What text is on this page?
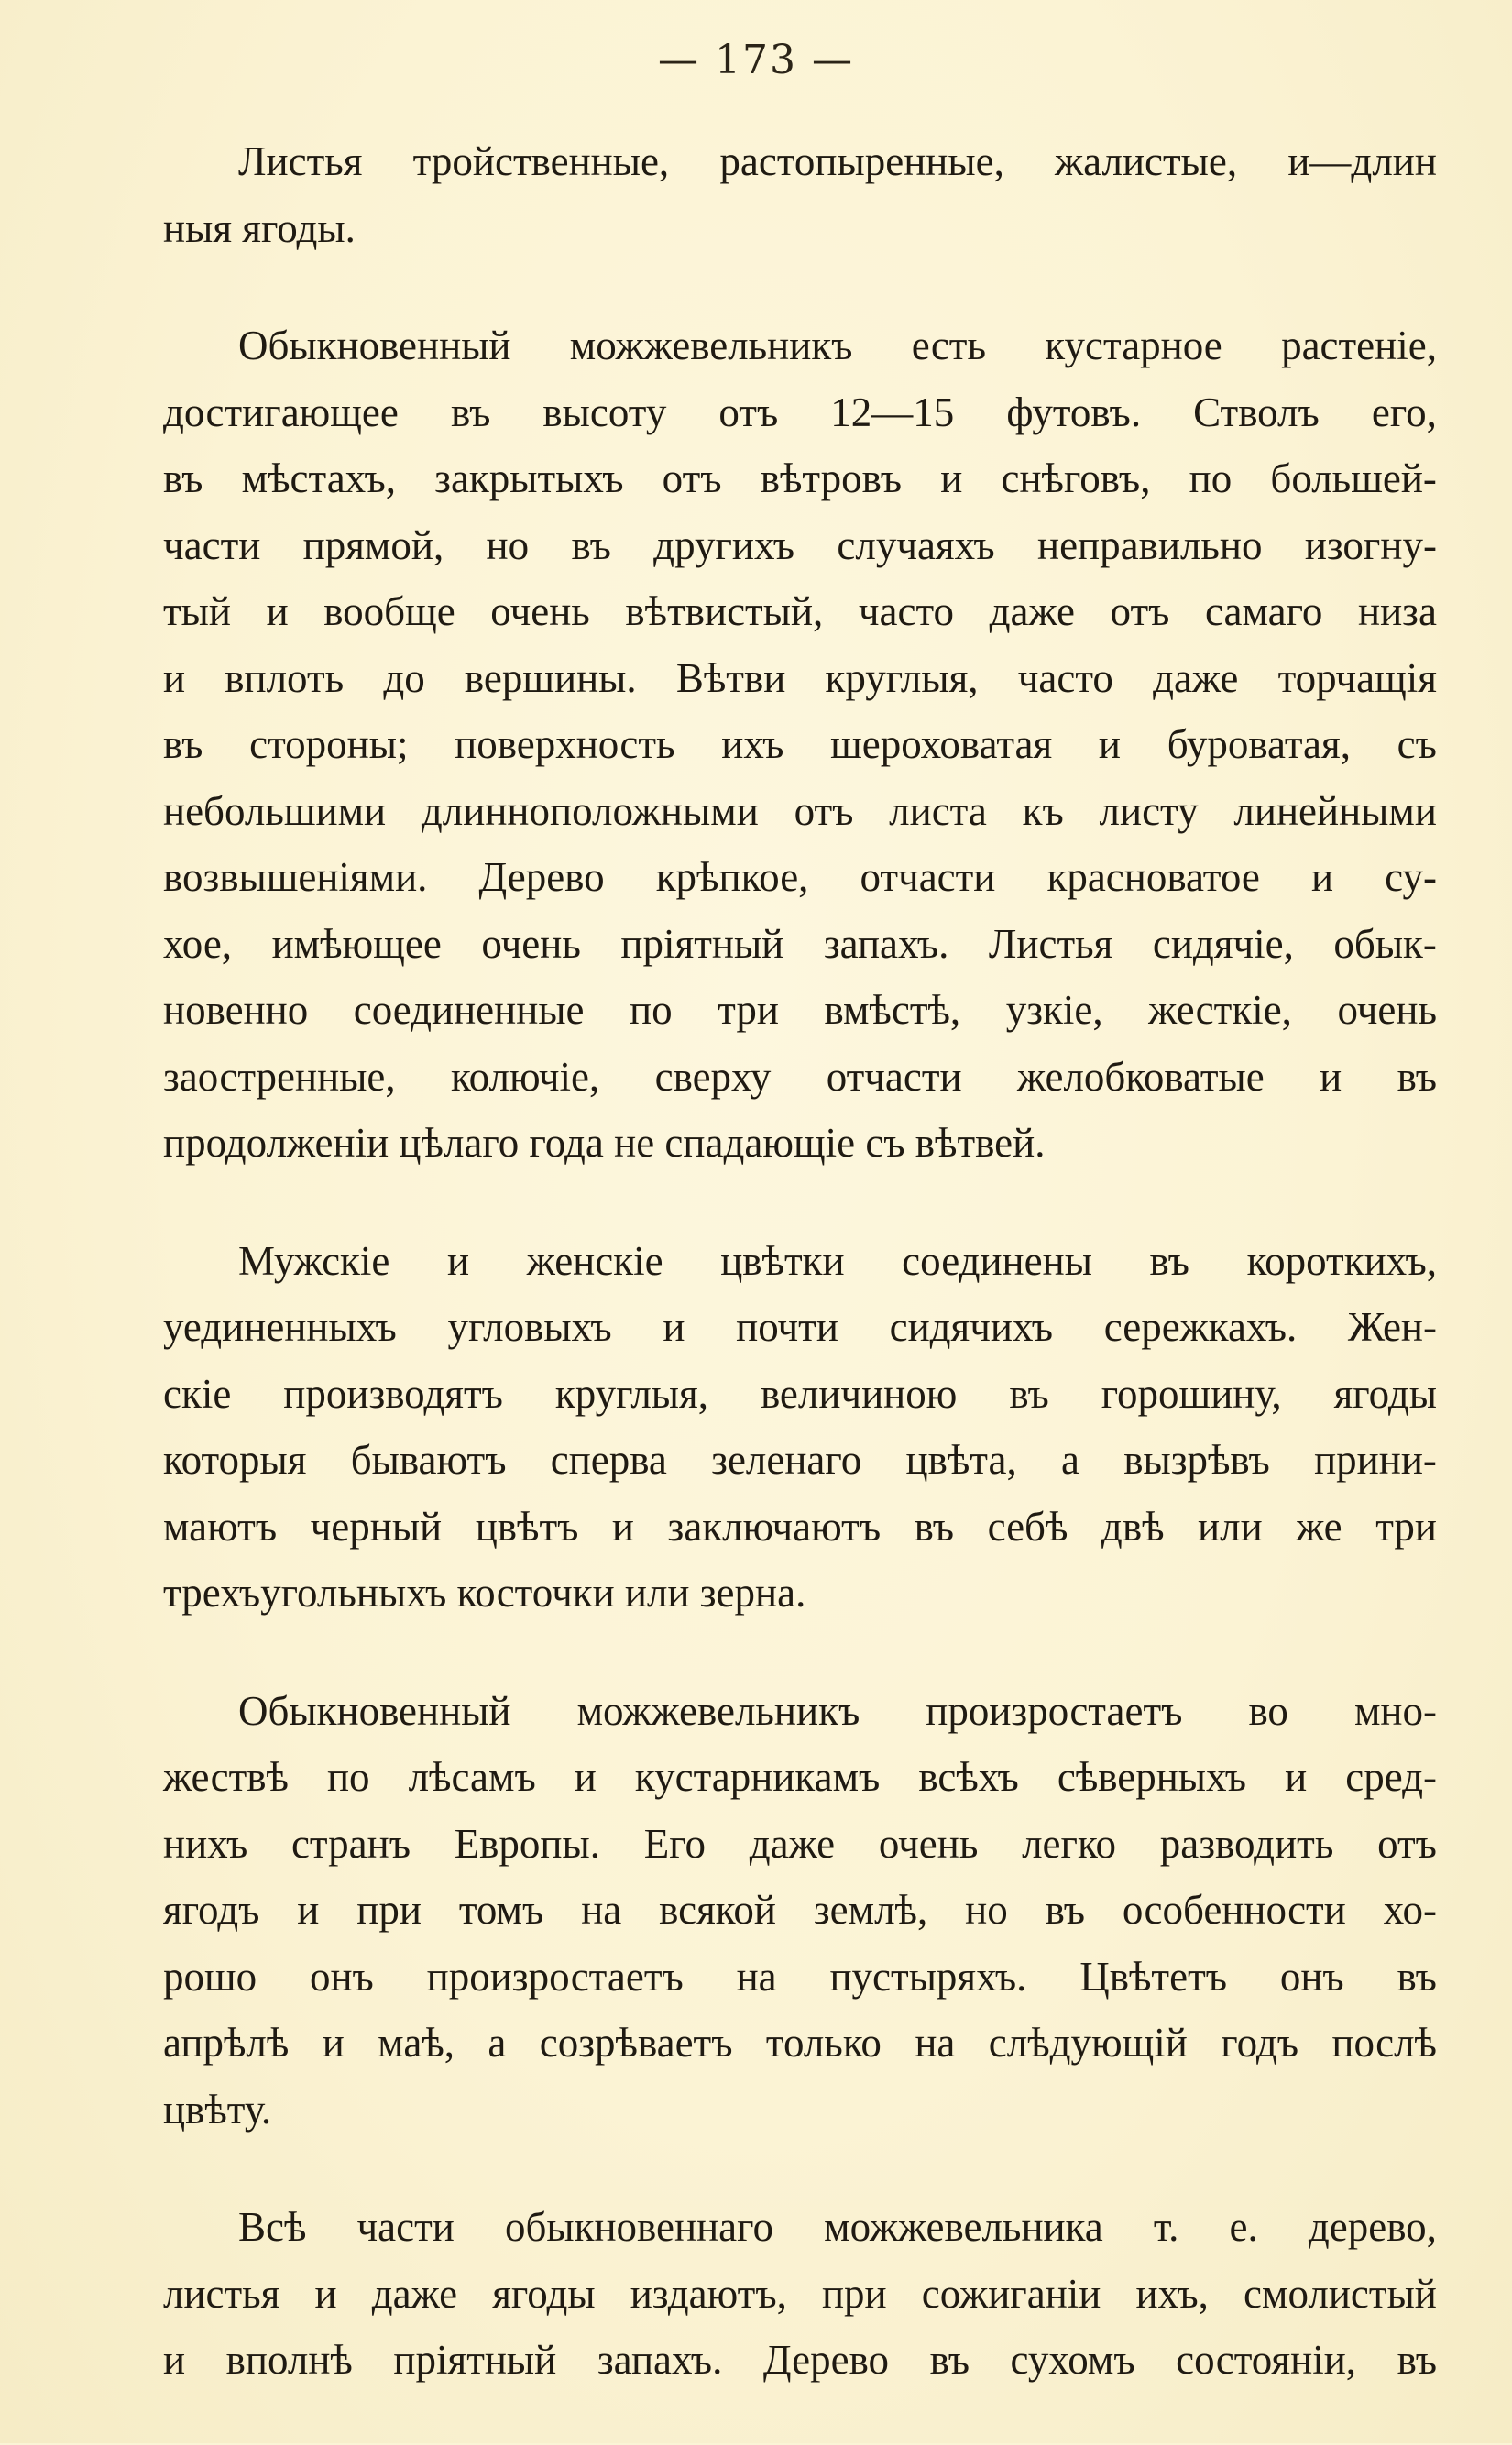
— 173 —
Листья тройственные, растопыренные, жалистые, и—длин
ныя ягоды.
Обыкновенный можжевельникъ есть кустарное растенiе,
достигающее въ высоту отъ 12—15 футовъ. Стволъ его,
въ мѣстахъ, закрытыхъ отъ вѣтровъ и снѣговъ, по большей-
части прямой, но въ другихъ случаяхъ неправильно изогну-
тый и вообще очень вѣтвистый, часто даже отъ самаго низа
и вплоть до вершины. Вѣтви круглыя, часто даже торчащiя
въ стороны; поверхность ихъ шероховатая и буроватая, съ
небольшими длиннoположными отъ листа къ листу линейными
возвышенiями. Дерево крѣпкое, отчасти красноватое и су-
хое, имѣющее очень прiятный запахъ. Листья сидячiе, обык-
новенно соединенные по три вмѣстѣ, узкiе, жесткiе, очень
заостренные, колючiе, сверху отчасти желобковатые и въ
продолженiи цѣлаго года не спадающiе съ вѣтвей.
Мужскiе и женскiе цвѣтки соединены въ короткихъ,
уединенныхъ угловыхъ и почти сидячихъ сережкахъ. Жен-
скiе производятъ круглыя, величиною въ горошину, ягоды
которыя бываютъ сперва зеленаго цвѣта, а вызрѣвъ прини-
маютъ черный цвѣтъ и заключаютъ въ себѣ двѣ или же три
трехъугольныхъ косточки или зерна.
Обыкновенный можжевельникъ произростаетъ во мно-
жествѣ по лѣсамъ и кустарникамъ всѣхъ сѣверныхъ и сред-
нихъ странъ Европы. Его даже очень легко разводить отъ
ягодъ и при томъ на всякой землѣ, но въ особенности хо-
рошо онъ произростаетъ на пустыряхъ. Цвѣтетъ онъ въ
апрѣлѣ и маѣ, а созрѣваетъ только на слѣдующiй годъ послѣ
цвѣту.
Всѣ части обыкновеннаго можжевельника т. е. дерево,
листья и даже ягоды издаютъ, при сожиганiи ихъ, смолистый
и вполнѣ прiятный запахъ. Дерево въ сухомъ состоянiи, въ
